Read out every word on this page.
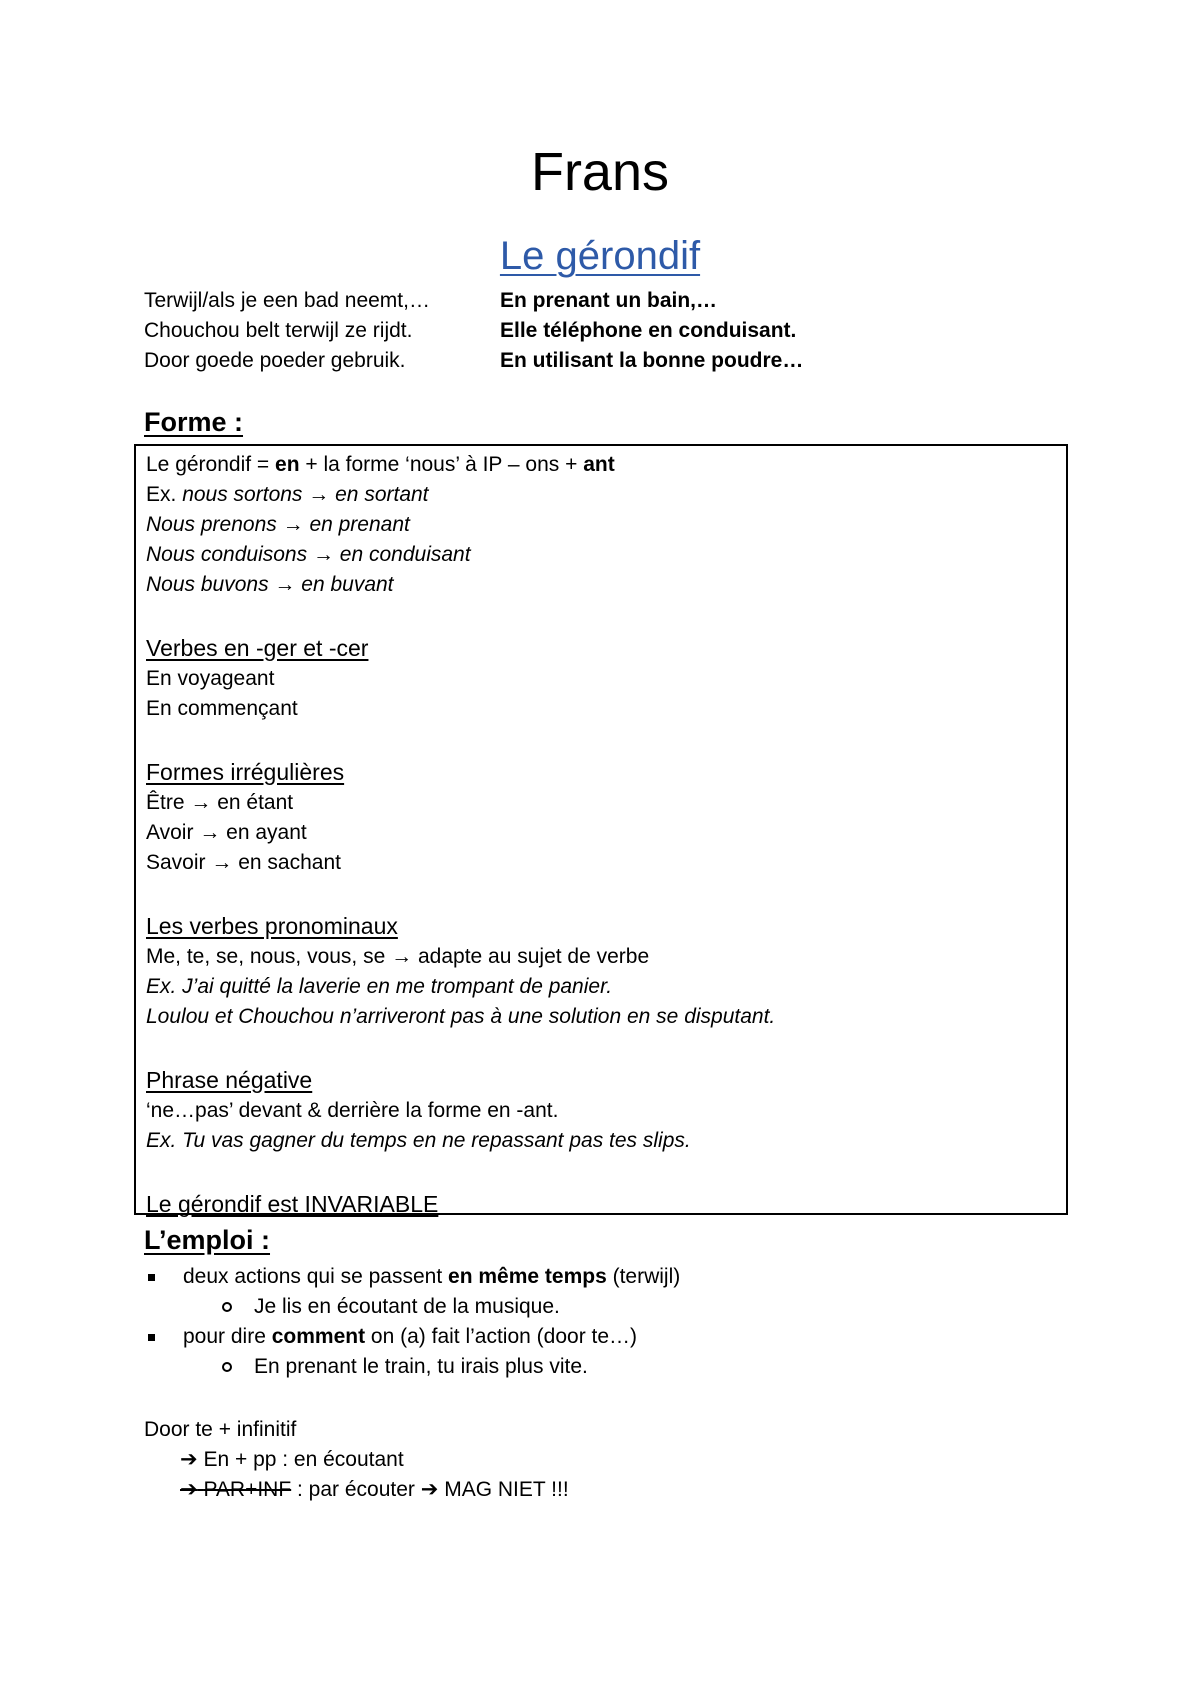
Frans
Le gérondif
Terwijl/als je een bad neemt,…	En prenant un bain,…
Chouchou belt terwijl ze rijdt.	Elle téléphone en conduisant.
Door goede poeder gebruik.	En utilisant la bonne poudre…
Forme :
Le gérondif = en + la forme ‘nous’ à IP – ons + ant
Ex. nous sortons → en sortant
Nous prenons → en prenant
Nous conduisons → en conduisant
Nous buvons → en buvant
Verbes en -ger et -cer
En voyageant
En commençant
Formes irrégulières
Être → en étant
Avoir → en ayant
Savoir → en sachant
Les verbes pronominaux
Me, te, se, nous, vous, se → adapte au sujet de verbe
Ex. J’ai quitté la laverie en me trompant de panier.
Loulou et Chouchou n’arriveront pas à une solution en se disputant.
Phrase négative
‘ne…pas’ devant & derrière la forme en -ant.
Ex. Tu vas gagner du temps en ne repassant pas tes slips.
Le gérondif est INVARIABLE
L’emploi :
deux actions qui se passent en même temps (terwijl)
Je lis en écoutant de la musique.
pour dire comment on (a) fait l’action (door te…)
En prenant le train, tu irais plus vite.
Door te + infinitif
➔ En + pp : en écoutant
➔ PAR+INF : par écouter ➔ MAG NIET !!!
